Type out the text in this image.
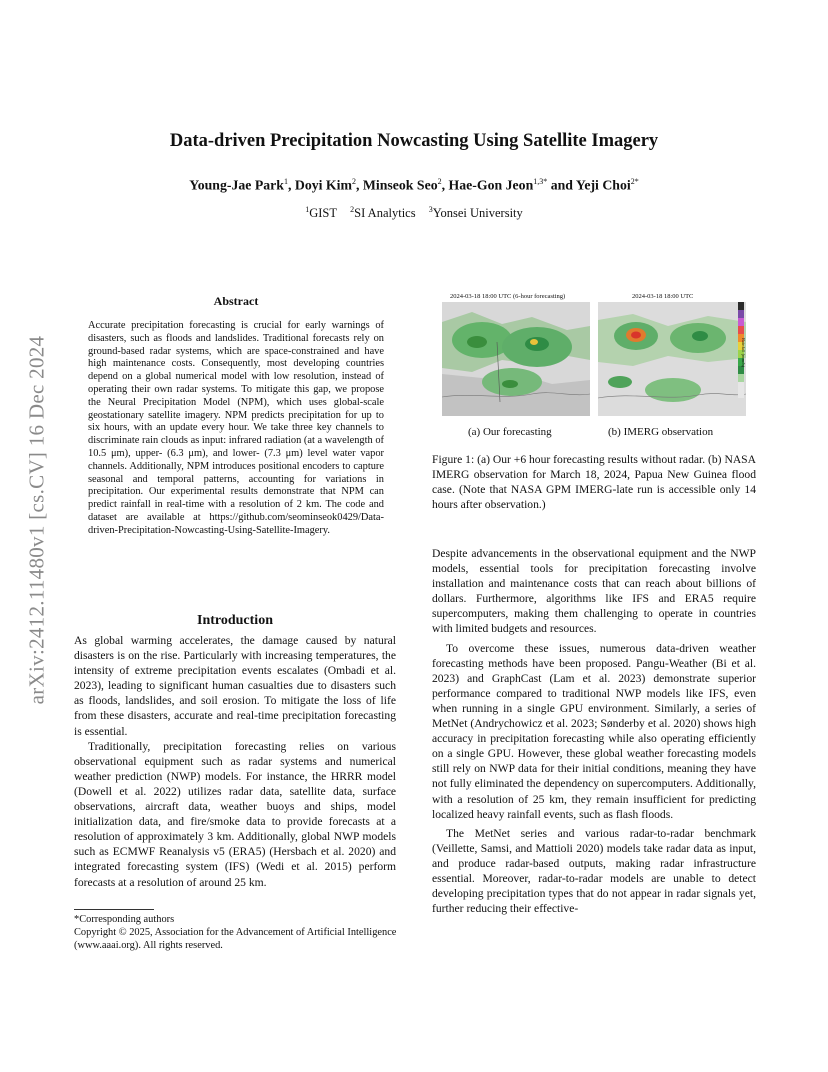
arXiv:2412.11480v1 [cs.CV] 16 Dec 2024
Data-driven Precipitation Nowcasting Using Satellite Imagery
Young-Jae Park$^1$, Doyi Kim$^2$, Minseok Seo$^2$, Hae-Gon Jeon$^{1,3*}$ and Yeji Choi$^{2*}$
$^1$GIST $^2$SI Analytics $^3$Yonsei University
Abstract
Accurate precipitation forecasting is crucial for early warnings of disasters, such as floods and landslides. Traditional forecasts rely on ground-based radar systems, which are space-constrained and have high maintenance costs. Consequently, most developing countries depend on a global numerical model with low resolution, instead of operating their own radar systems. To mitigate this gap, we propose the Neural Precipitation Model (NPM), which uses global-scale geostationary satellite imagery. NPM predicts precipitation for up to six hours, with an update every hour. We take three key channels to discriminate rain clouds as input: infrared radiation (at a wavelength of 10.5 μm), upper- (6.3 μm), and lower- (7.3 μm) level water vapor channels. Additionally, NPM introduces positional encoders to capture seasonal and temporal patterns, accounting for variations in precipitation. Our experimental results demonstrate that NPM can predict rainfall in real-time with a resolution of 2 km. The code and dataset are available at https://github.com/seominseok0429/Data-driven-Precipitation-Nowcasting-Using-Satellite-Imagery.
Introduction

As global warming accelerates, the damage caused by natural disasters is on the rise. Particularly with increasing temperatures, the intensity of extreme precipitation events escalates (Ombadi et al. 2023), leading to significant human casualties due to disasters such as floods, landslides, and soil erosion. To mitigate the loss of life from these disasters, accurate and real-time precipitation forecasting is essential.

Traditionally, precipitation forecasting relies on various observational equipment such as radar systems and numerical weather prediction (NWP) models. For instance, the HRRR model (Dowell et al. 2022) utilizes radar data, satellite data, surface observations, aircraft data, weather buoys and ships, model initialization data, and fire/smoke data to provide forecasts at a resolution of approximately 3 km. Additionally, global NWP models such as ECMWF Reanalysis v5 (ERA5) (Hersbach et al. 2020) and integrated forecasting system (IFS) (Wedi et al. 2015) perform forecasts at a resolution of around 25 km.

*Corresponding authors
Copyright © 2025, Association for the Advancement of Artificial Intelligence (www.aaai.org). All rights reserved.
2024-03-18 18:00 UTC (6-hour forecasting)	2024-03-18 18:00 UTC
Rainfall (mm/h)
(a) Our forecasting	(b) IMERG observation
Figure 1: (a) Our +6 hour forecasting results without radar. (b) NASA IMERG observation for March 18, 2024, Papua New Guinea flood case. (Note that NASA GPM IMERG-late run is accessible only 14 hours after observation.)

Despite advancements in the observational equipment and the NWP models, essential tools for precipitation forecasting involve installation and maintenance costs that can reach about billions of dollars. Furthermore, algorithms like IFS and ERA5 require supercomputers, making them challenging to operate in countries with limited budgets and resources.

To overcome these issues, numerous data-driven weather forecasting methods have been proposed. Pangu-Weather (Bi et al. 2023) and GraphCast (Lam et al. 2023) demonstrate superior performance compared to traditional NWP models like IFS, even when running in a single GPU environment. Similarly, a series of MetNet (Andrychowicz et al. 2023; Sønderby et al. 2020) shows high accuracy in precipitation forecasting while also operating efficiently on a single GPU. However, these global weather forecasting models still rely on NWP data for their initial conditions, meaning they have not fully eliminated the dependency on supercomputers. Additionally, with a resolution of 25 km, they remain insufficient for predicting localized heavy rainfall events, such as flash floods.

The MetNet series and various radar-to-radar benchmark (Veillette, Samsi, and Mattioli 2020) models take radar data as input, and produce radar-based outputs, making radar infrastructure essential. Moreover, radar-to-radar models are unable to detect developing precipitation types that do not appear in radar signals yet, further reducing their effective-
